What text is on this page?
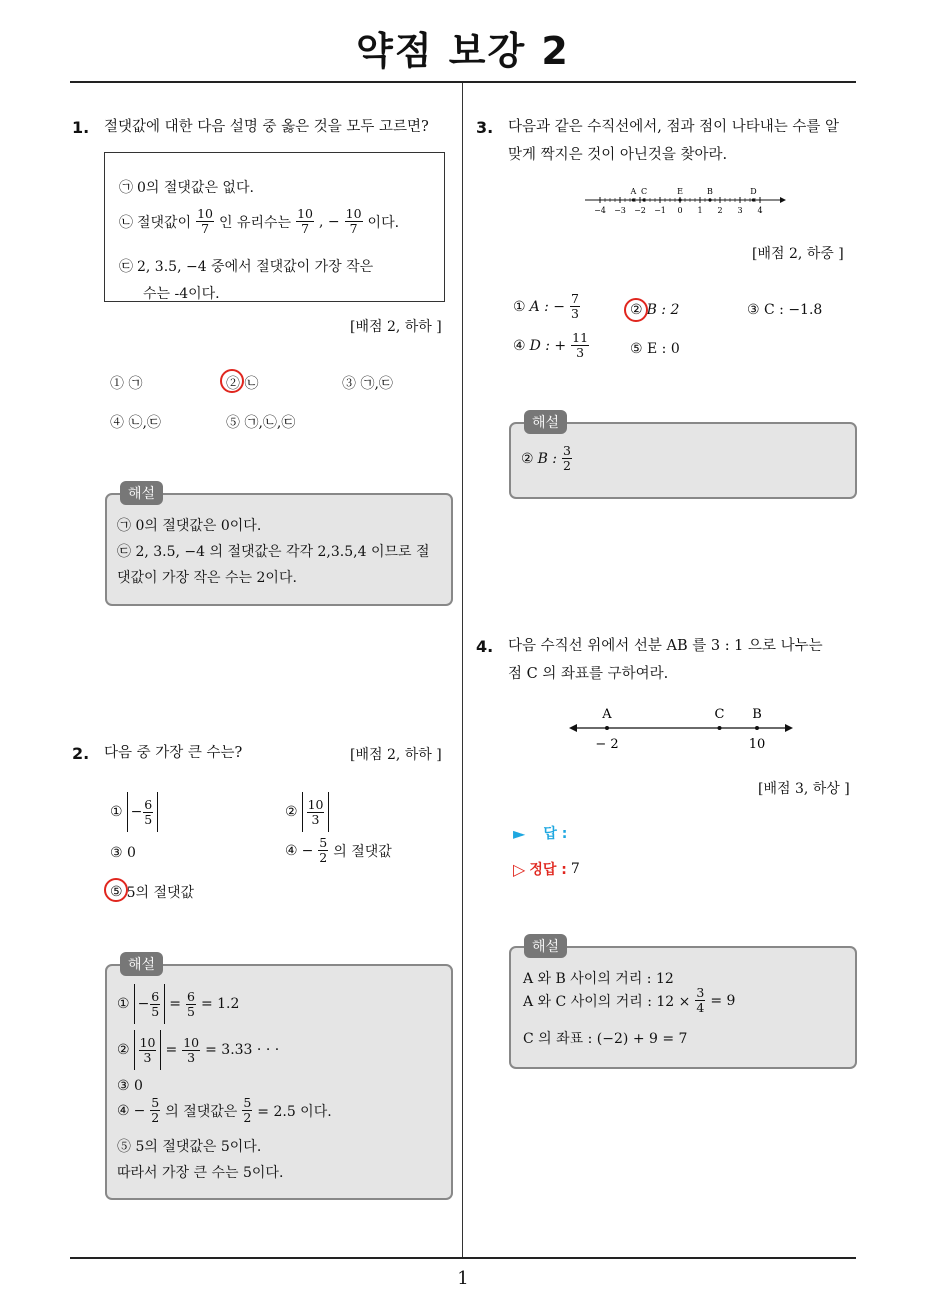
약점 보강 2
1. 절댓값에 대한 다음 설명 중 옳은 것을 모두 고르면?
㉠ 0의 절댓값은 없다.
㉡ 절댓값이 $\frac{10}{7}$ 인 유리수는 $\frac{10}{7}$ , − $\frac{10}{7}$ 이다.
㉢ 2, 3.5, −4 중에서 절댓값이 가장 작은
수는 -4이다.
[배점 2, 하하 ]
① ㉠	② ㉡	③ ㉠,㉢
④ ㉡,㉢	⑤ ㉠,㉡,㉢
㉠ 0의 절댓값은 0이다.
㉢ 2, 3.5, −4 의 절댓값은 각각 2,3.5,4 이므로 절
댓값이 가장 작은 수는 2이다.
해설
2. 다음 중 가장 큰 수는?	[배점 2, 하하 ]
① − $\frac{6}{5}$	② $\frac{10}{3}$
③ 0	④ − $\frac{5}{2}$ 의 절댓값
⑤ 5의 절댓값
① − $\frac{6}{5} = \frac{6}{5} = 1.2$
② $\frac{10}{3} = \frac{10}{3} = 3.33$ · · ·
③ 0
④ − $\frac{5}{2}$ 의 절댓값은 $\frac{5}{2} = 2.5$ 이다.
⑤ 5의 절댓값은 5이다.
따라서 가장 큰 수는 5이다.
해설
3. 다음과 같은 수직선에서, 점과 점이 나타내는 수를 알
맞게 짝지은 것이 아닌것을 찾아라.
−4 −3 −2 −1 0 1 2 3 4
A C	E	B	D
[배점 2, 하중 ]
① A : − $\frac{7}{3}$	② B : 2	③ C : −1.8
④ D : + $\frac{11}{3}$	⑤ E : 0
② B : $\frac{3}{2}$
해설
4. 다음 수직선 위에서 선분 AB 를 3 : 1 으로 나누는
점 C 의 좌표를 구하여라.
A	C B
− 2	10
[배점 3, 하상 ]
► 답 :
▷ 정답 : 7
A 와 B 사이의 거리 : 12
A 와 C 사이의 거리 : $12 \times \frac{3}{4} = 9$
C 의 좌표 : (−2) + 9 = 7
해설
1
